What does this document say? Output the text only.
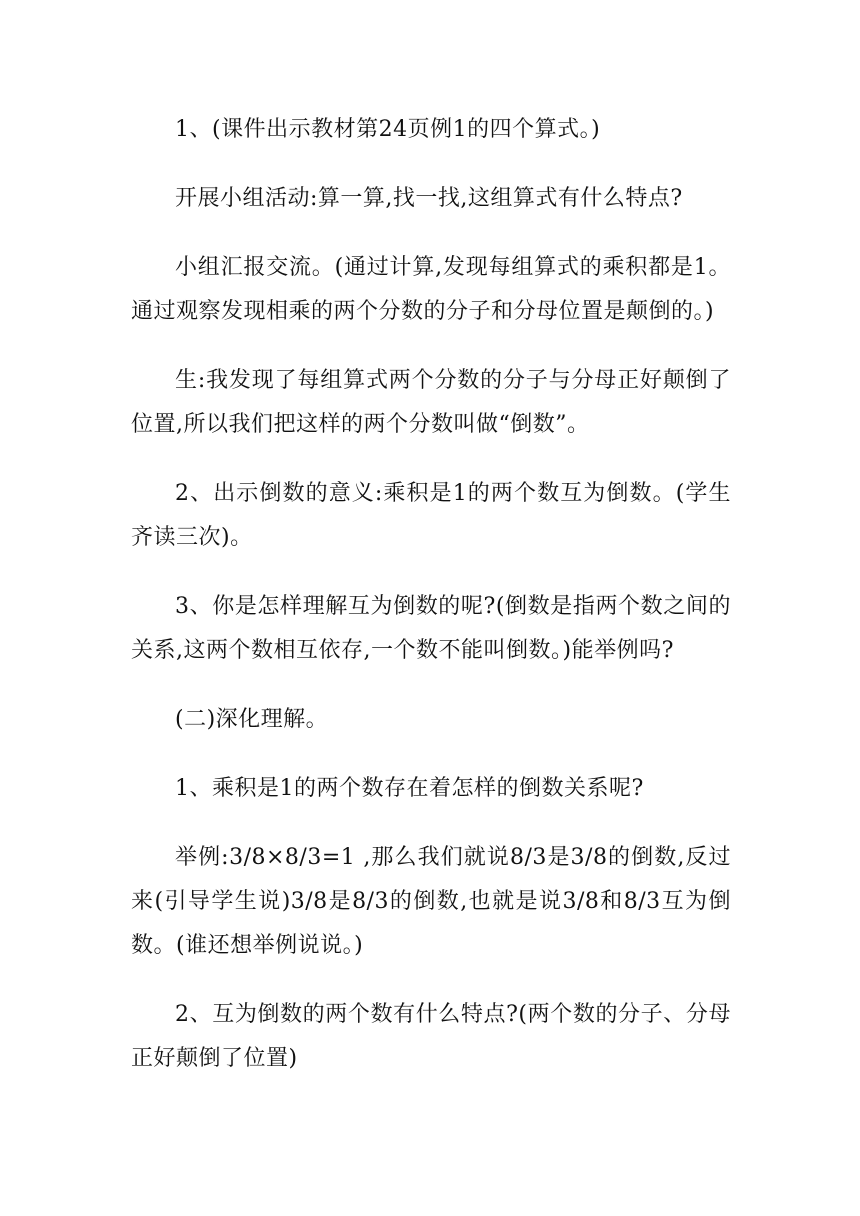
1、(课件出示教材第24页例1的四个算式。)

开展小组活动:算一算,找一找,这组算式有什么特点?

小组汇报交流。(通过计算,发现每组算式的乘积都是1。通过观察发现相乘的两个分数的分子和分母位置是颠倒的。)

生:我发现了每组算式两个分数的分子与分母正好颠倒了位置,所以我们把这样的两个分数叫做“倒数”。

2、出示倒数的意义:乘积是1的两个数互为倒数。(学生齐读三次)。

3、你是怎样理解互为倒数的呢?(倒数是指两个数之间的关系,这两个数相互依存,一个数不能叫倒数。)能举例吗?

(二)深化理解。

1、乘积是1的两个数存在着怎样的倒数关系呢?

举例:3/8×8/3=1 ,那么我们就说8/3是3/8的倒数,反过来(引导学生说)3/8是8/3的倒数,也就是说3/8和8/3互为倒数。(谁还想举例说说。)

2、互为倒数的两个数有什么特点?(两个数的分子、分母正好颠倒了位置)
